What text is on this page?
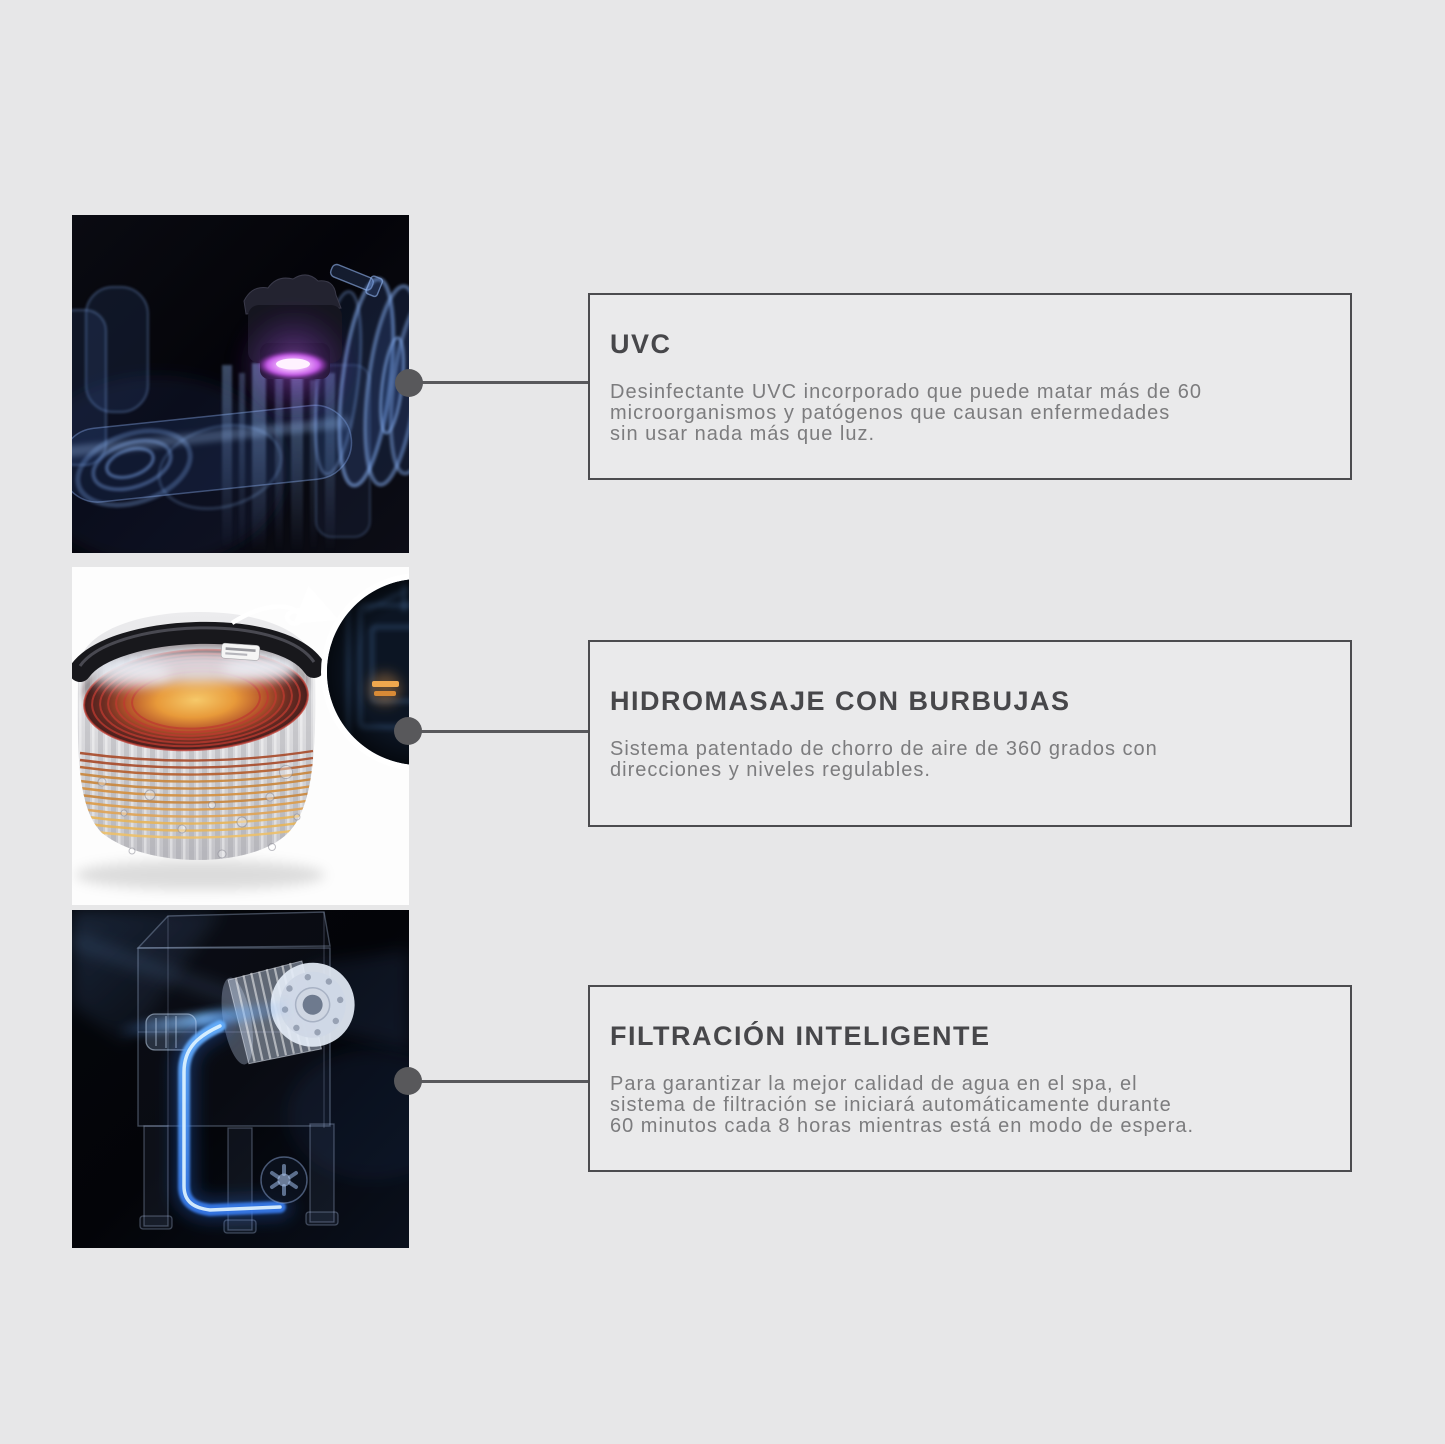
UVC
Desinfectante UVC incorporado que puede matar más de 60
microorganismos y patógenos que causan enfermedades
sin usar nada más que luz.
HIDROMASAJE CON BURBUJAS
Sistema patentado de chorro de aire de 360 grados con
direcciones y niveles regulables.
FILTRACIÓN INTELIGENTE
Para garantizar la mejor calidad de agua en el spa, el
sistema de filtración se iniciará automáticamente durante
60 minutos cada 8 horas mientras está en modo de espera.
